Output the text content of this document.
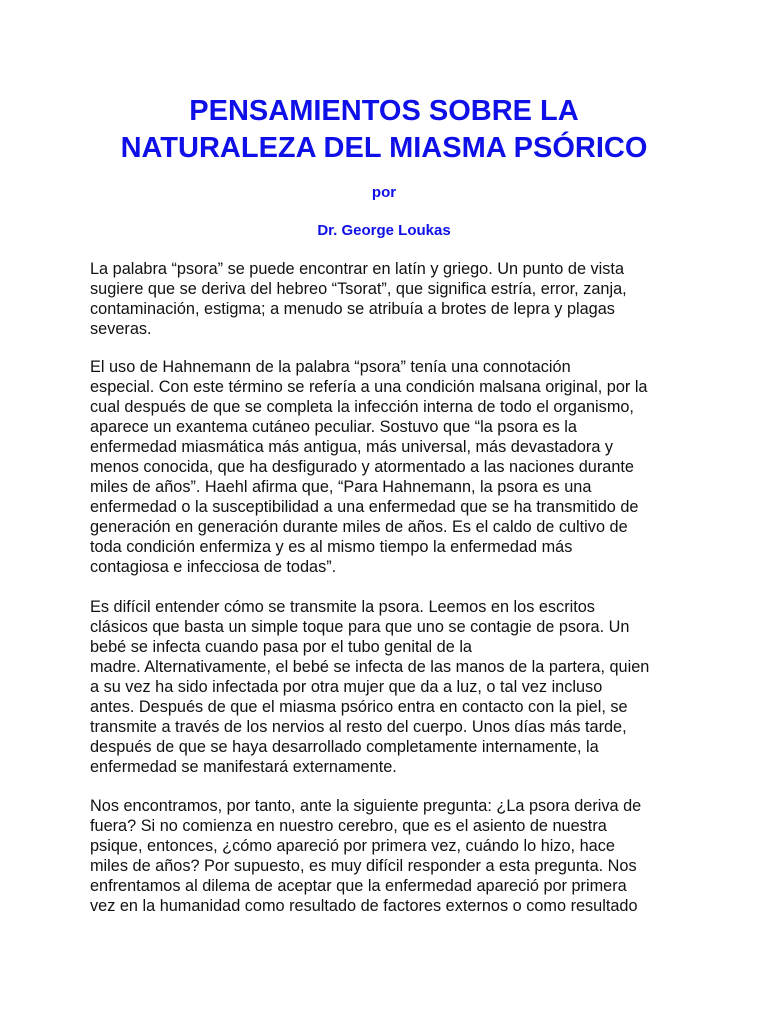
PENSAMIENTOS SOBRE LA
NATURALEZA DEL MIASMA PSÓRICO

por

Dr. George Loukas

La palabra “psora” se puede encontrar en latín y griego. Un punto de vista
sugiere que se deriva del hebreo “Tsorat”, que significa estría, error, zanja,
contaminación, estigma; a menudo se atribuía a brotes de lepra y plagas
severas.

El uso de Hahnemann de la palabra “psora” tenía una connotación
especial. Con este término se refería a una condición malsana original, por la
cual después de que se completa la infección interna de todo el organismo,
aparece un exantema cutáneo peculiar. Sostuvo que “la psora es la
enfermedad miasmática más antigua, más universal, más devastadora y
menos conocida, que ha desfigurado y atormentado a las naciones durante
miles de años”. Haehl afirma que, “Para Hahnemann, la psora es una
enfermedad o la susceptibilidad a una enfermedad que se ha transmitido de
generación en generación durante miles de años. Es el caldo de cultivo de
toda condición enfermiza y es al mismo tiempo la enfermedad más
contagiosa e infecciosa de todas”.

Es difícil entender cómo se transmite la psora. Leemos en los escritos
clásicos que basta un simple toque para que uno se contagie de psora. Un
bebé se infecta cuando pasa por el tubo genital de la
madre. Alternativamente, el bebé se infecta de las manos de la partera, quien
a su vez ha sido infectada por otra mujer que da a luz, o tal vez incluso
antes. Después de que el miasma psórico entra en contacto con la piel, se
transmite a través de los nervios al resto del cuerpo. Unos días más tarde,
después de que se haya desarrollado completamente internamente, la
enfermedad se manifestará externamente.

Nos encontramos, por tanto, ante la siguiente pregunta: ¿La psora deriva de
fuera? Si no comienza en nuestro cerebro, que es el asiento de nuestra
psique, entonces, ¿cómo apareció por primera vez, cuándo lo hizo, hace
miles de años? Por supuesto, es muy difícil responder a esta pregunta. Nos
enfrentamos al dilema de aceptar que la enfermedad apareció por primera
vez en la humanidad como resultado de factores externos o como resultado
